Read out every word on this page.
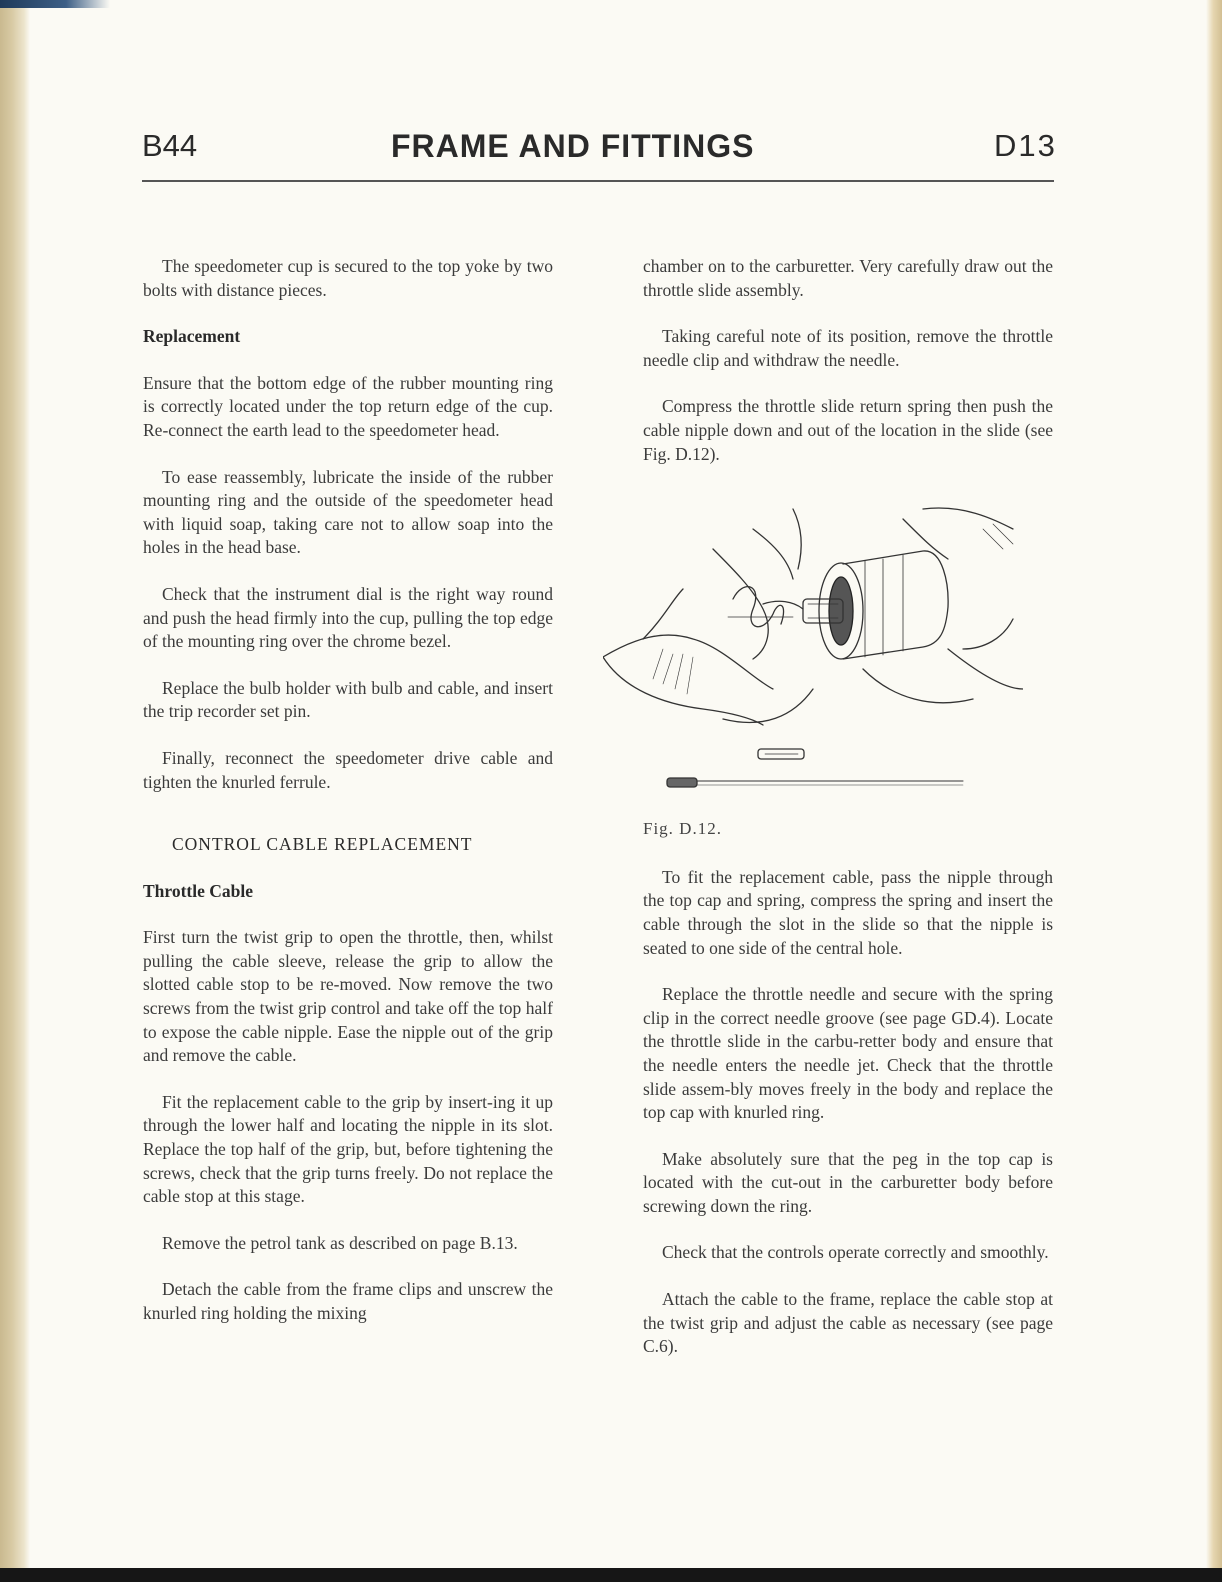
B44	FRAME AND FITTINGS	D13

The speedometer cup is secured to the top yoke by two bolts with distance pieces.

Replacement

Ensure that the bottom edge of the rubber mounting ring is correctly located under the top return edge of the cup. Re-connect the earth lead to the speedometer head.

To ease reassembly, lubricate the inside of the rubber mounting ring and the outside of the speedometer head with liquid soap, taking care not to allow soap into the holes in the head base.

Check that the instrument dial is the right way round and push the head firmly into the cup, pulling the top edge of the mounting ring over the chrome bezel.

Replace the bulb holder with bulb and cable, and insert the trip recorder set pin.

Finally, reconnect the speedometer drive cable and tighten the knurled ferrule.

CONTROL CABLE REPLACEMENT

Throttle Cable

First turn the twist grip to open the throttle, then, whilst pulling the cable sleeve, release the grip to allow the slotted cable stop to be re-moved. Now remove the two screws from the twist grip control and take off the top half to expose the cable nipple. Ease the nipple out of the grip and remove the cable.

Fit the replacement cable to the grip by insert-ing it up through the lower half and locating the nipple in its slot. Replace the top half of the grip, but, before tightening the screws, check that the grip turns freely. Do not replace the cable stop at this stage.

Remove the petrol tank as described on page B.13.

Detach the cable from the frame clips and unscrew the knurled ring holding the mixing

chamber on to the carburetter. Very carefully draw out the throttle slide assembly.

Taking careful note of its position, remove the throttle needle clip and withdraw the needle.

Compress the throttle slide return spring then push the cable nipple down and out of the location in the slide (see Fig. D.12).

Fig. D.12.

To fit the replacement cable, pass the nipple through the top cap and spring, compress the spring and insert the cable through the slot in the slide so that the nipple is seated to one side of the central hole.

Replace the throttle needle and secure with the spring clip in the correct needle groove (see page GD.4). Locate the throttle slide in the carbu-retter body and ensure that the needle enters the needle jet. Check that the throttle slide assem-bly moves freely in the body and replace the top cap with knurled ring.

Make absolutely sure that the peg in the top cap is located with the cut-out in the carburetter body before screwing down the ring.

Check that the controls operate correctly and smoothly.

Attach the cable to the frame, replace the cable stop at the twist grip and adjust the cable as necessary (see page C.6).
